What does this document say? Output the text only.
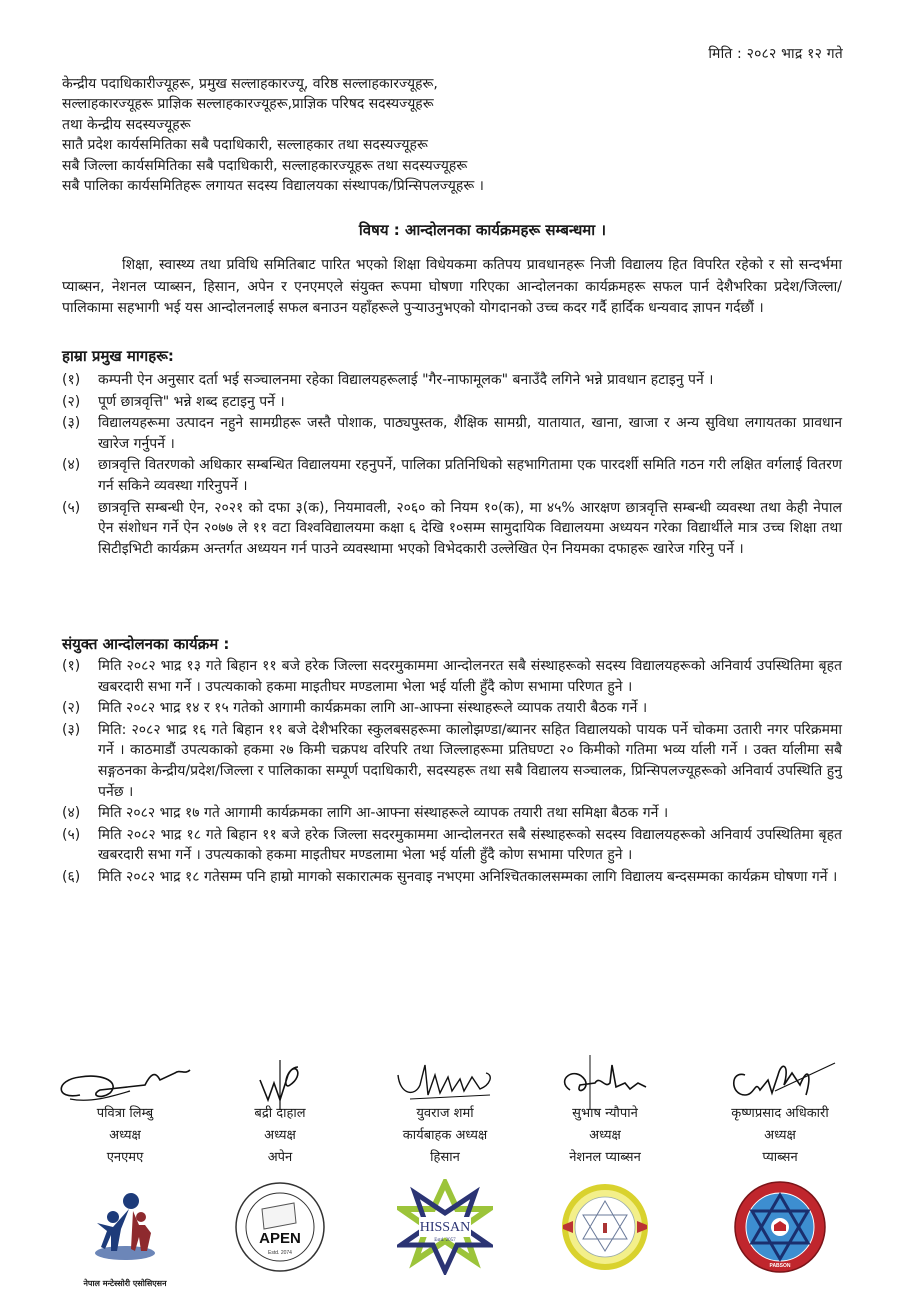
मिति : २०८२ भाद्र १२ गते
केन्द्रीय पदाधिकारीज्यूहरू, प्रमुख सल्लाहकारज्यू, वरिष्ठ सल्लाहकारज्यूहरू,
सल्लाहकारज्यूहरू प्राज्ञिक सल्लाहकारज्यूहरू,प्राज्ञिक परिषद सदस्यज्यूहरू
तथा केन्द्रीय सदस्यज्यूहरू
सातै प्रदेश कार्यसमितिका सबै पदाधिकारी, सल्लाहकार तथा सदस्यज्यूहरू
सबै जिल्ला कार्यसमितिका सबै पदाधिकारी, सल्लाहकारज्यूहरू तथा सदस्यज्यूहरू
सबै पालिका कार्यसमितिहरू लगायत सदस्य विद्यालयका संस्थापक/प्रिन्सिपलज्यूहरू ।
विषय : आन्दोलनका कार्यक्रमहरू सम्बन्धमा ।
शिक्षा, स्वास्थ्य तथा प्रविधि समितिबाट पारित भएको शिक्षा विधेयकमा कतिपय प्रावधानहरू निजी विद्यालय हित विपरित रहेको र सो सन्दर्भमा प्याब्सन, नेशनल प्याब्सन, हिसान, अपेन र एनएमएले संयुक्त रूपमा घोषणा गरिएका आन्दोलनका कार्यक्रमहरू सफल पार्न देशैभरिका प्रदेश/जिल्ला/पालिकामा सहभागी भई यस आन्दोलनलाई सफल बनाउन यहाँहरूले पुऱ्याउनुभएको योगदानको उच्च कदर गर्दै हार्दिक धन्यवाद ज्ञापन गर्दछौं ।
हाम्रा प्रमुख मागहरू:
(१)	कम्पनी ऐन अनुसार दर्ता भई सञ्चालनमा रहेका विद्यालयहरूलाई "गैर-नाफामूलक" बनाउँदै लगिने भन्ने प्रावधान हटाइनु पर्ने ।
(२)	पूर्ण छात्रवृत्ति" भन्ने शब्द हटाइनु पर्ने ।
(३)	विद्यालयहरूमा उत्पादन नहुने सामग्रीहरू जस्तै पोशाक, पाठ्यपुस्तक, शैक्षिक सामग्री, यातायात, खाना, खाजा र अन्य सुविधा लगायतका प्रावधान खारेज गर्नुपर्ने ।
(४)	छात्रवृत्ति वितरणको अधिकार सम्बन्धित विद्यालयमा रहनुपर्ने, पालिका प्रतिनिधिको सहभागितामा एक पारदर्शी समिति गठन गरी लक्षित वर्गलाई वितरण गर्न सकिने व्यवस्था गरिनुपर्ने ।
(५)	छात्रवृत्ति सम्बन्धी ऐन, २०२१ को दफा ३(क), नियमावली, २०६० को नियम १०(क), मा ४५% आरक्षण छात्रवृत्ति सम्बन्धी व्यवस्था तथा केही नेपाल ऐन संशोधन गर्ने ऐन २०७७ ले ११ वटा विश्वविद्यालयमा कक्षा ६ देखि १०सम्म सामुदायिक विद्यालयमा अध्ययन गरेका विद्यार्थीले मात्र उच्च शिक्षा तथा सिटीइभिटी कार्यक्रम अन्तर्गत अध्ययन गर्न पाउने व्यवस्थामा भएको विभेदकारी उल्लेखित ऐन नियमका दफाहरू खारेज गरिनु पर्ने ।
संयुक्त आन्दोलनका कार्यक्रम :
(१)	मिति २०८२ भाद्र १३ गते बिहान ११ बजे हरेक जिल्ला सदरमुकाममा आन्दोलनरत सबै संस्थाहरूको सदस्य विद्यालयहरूको अनिवार्य उपस्थितिमा बृहत खबरदारी सभा गर्ने । उपत्यकाको हकमा माइतीघर मण्डलामा भेला भई र्याली हुँदै कोण सभामा परिणत हुने ।
(२)	मिति २०८२ भाद्र १४ र १५ गतेको आगामी कार्यक्रमका लागि आ-आफ्ना संस्थाहरूले व्यापक तयारी बैठक गर्ने ।
(३)	मिति: २०८२ भाद्र १६ गते बिहान ११ बजे देशैभरिका स्कुलबसहरूमा कालोझण्डा/ब्यानर सहित विद्यालयको पायक पर्ने चोकमा उतारी नगर परिक्रममा गर्ने । काठमाडौं उपत्यकाको हकमा २७ किमी चक्रपथ वरिपरि तथा जिल्लाहरूमा प्रतिघण्टा २० किमीको गतिमा भव्य र्याली गर्ने । उक्त र्यालीमा सबै सङ्गठनका केन्द्रीय/प्रदेश/जिल्ला र पालिकाका सम्पूर्ण पदाधिकारी, सदस्यहरू तथा सबै विद्यालय सञ्चालक, प्रिन्सिपलज्यूहरूको अनिवार्य उपस्थिति हुनु पर्नेछ ।
(४)	मिति २०८२ भाद्र १७ गते आगामी कार्यक्रमका लागि आ-आफ्ना संस्थाहरूले व्यापक तयारी तथा समिक्षा बैठक गर्ने ।
(५)	मिति २०८२ भाद्र १८ गते बिहान ११ बजे हरेक जिल्ला सदरमुकाममा आन्दोलनरत सबै संस्थाहरूको सदस्य विद्यालयहरूको अनिवार्य उपस्थितिमा बृहत खबरदारी सभा गर्ने । उपत्यकाको हकमा माइतीघर मण्डलामा भेला भई र्याली हुँदै कोण सभामा परिणत हुने ।
(६)	मिति २०८२ भाद्र १८ गतेसम्म पनि हाम्रो मागको सकारात्मक सुनवाइ नभएमा अनिश्चितकालसम्मका लागि विद्यालय बन्दसम्मका कार्यक्रम घोषणा गर्ने ।
पवित्रा लिम्बु
अध्यक्ष
एनएमए
नेपाल मन्टेस्सोरी एसोसिएसन
बद्री दाहाल
अध्यक्ष
अपेन
APEN
Estd. 2074
युवराज शर्मा
कार्यबाहक अध्यक्ष
हिसान
HISSAN
Estd. 2057
सुभाष न्यौपाने
अध्यक्ष
नेशनल प्याब्सन
कृष्णप्रसाद अधिकारी
अध्यक्ष
प्याब्सन
PABSON
